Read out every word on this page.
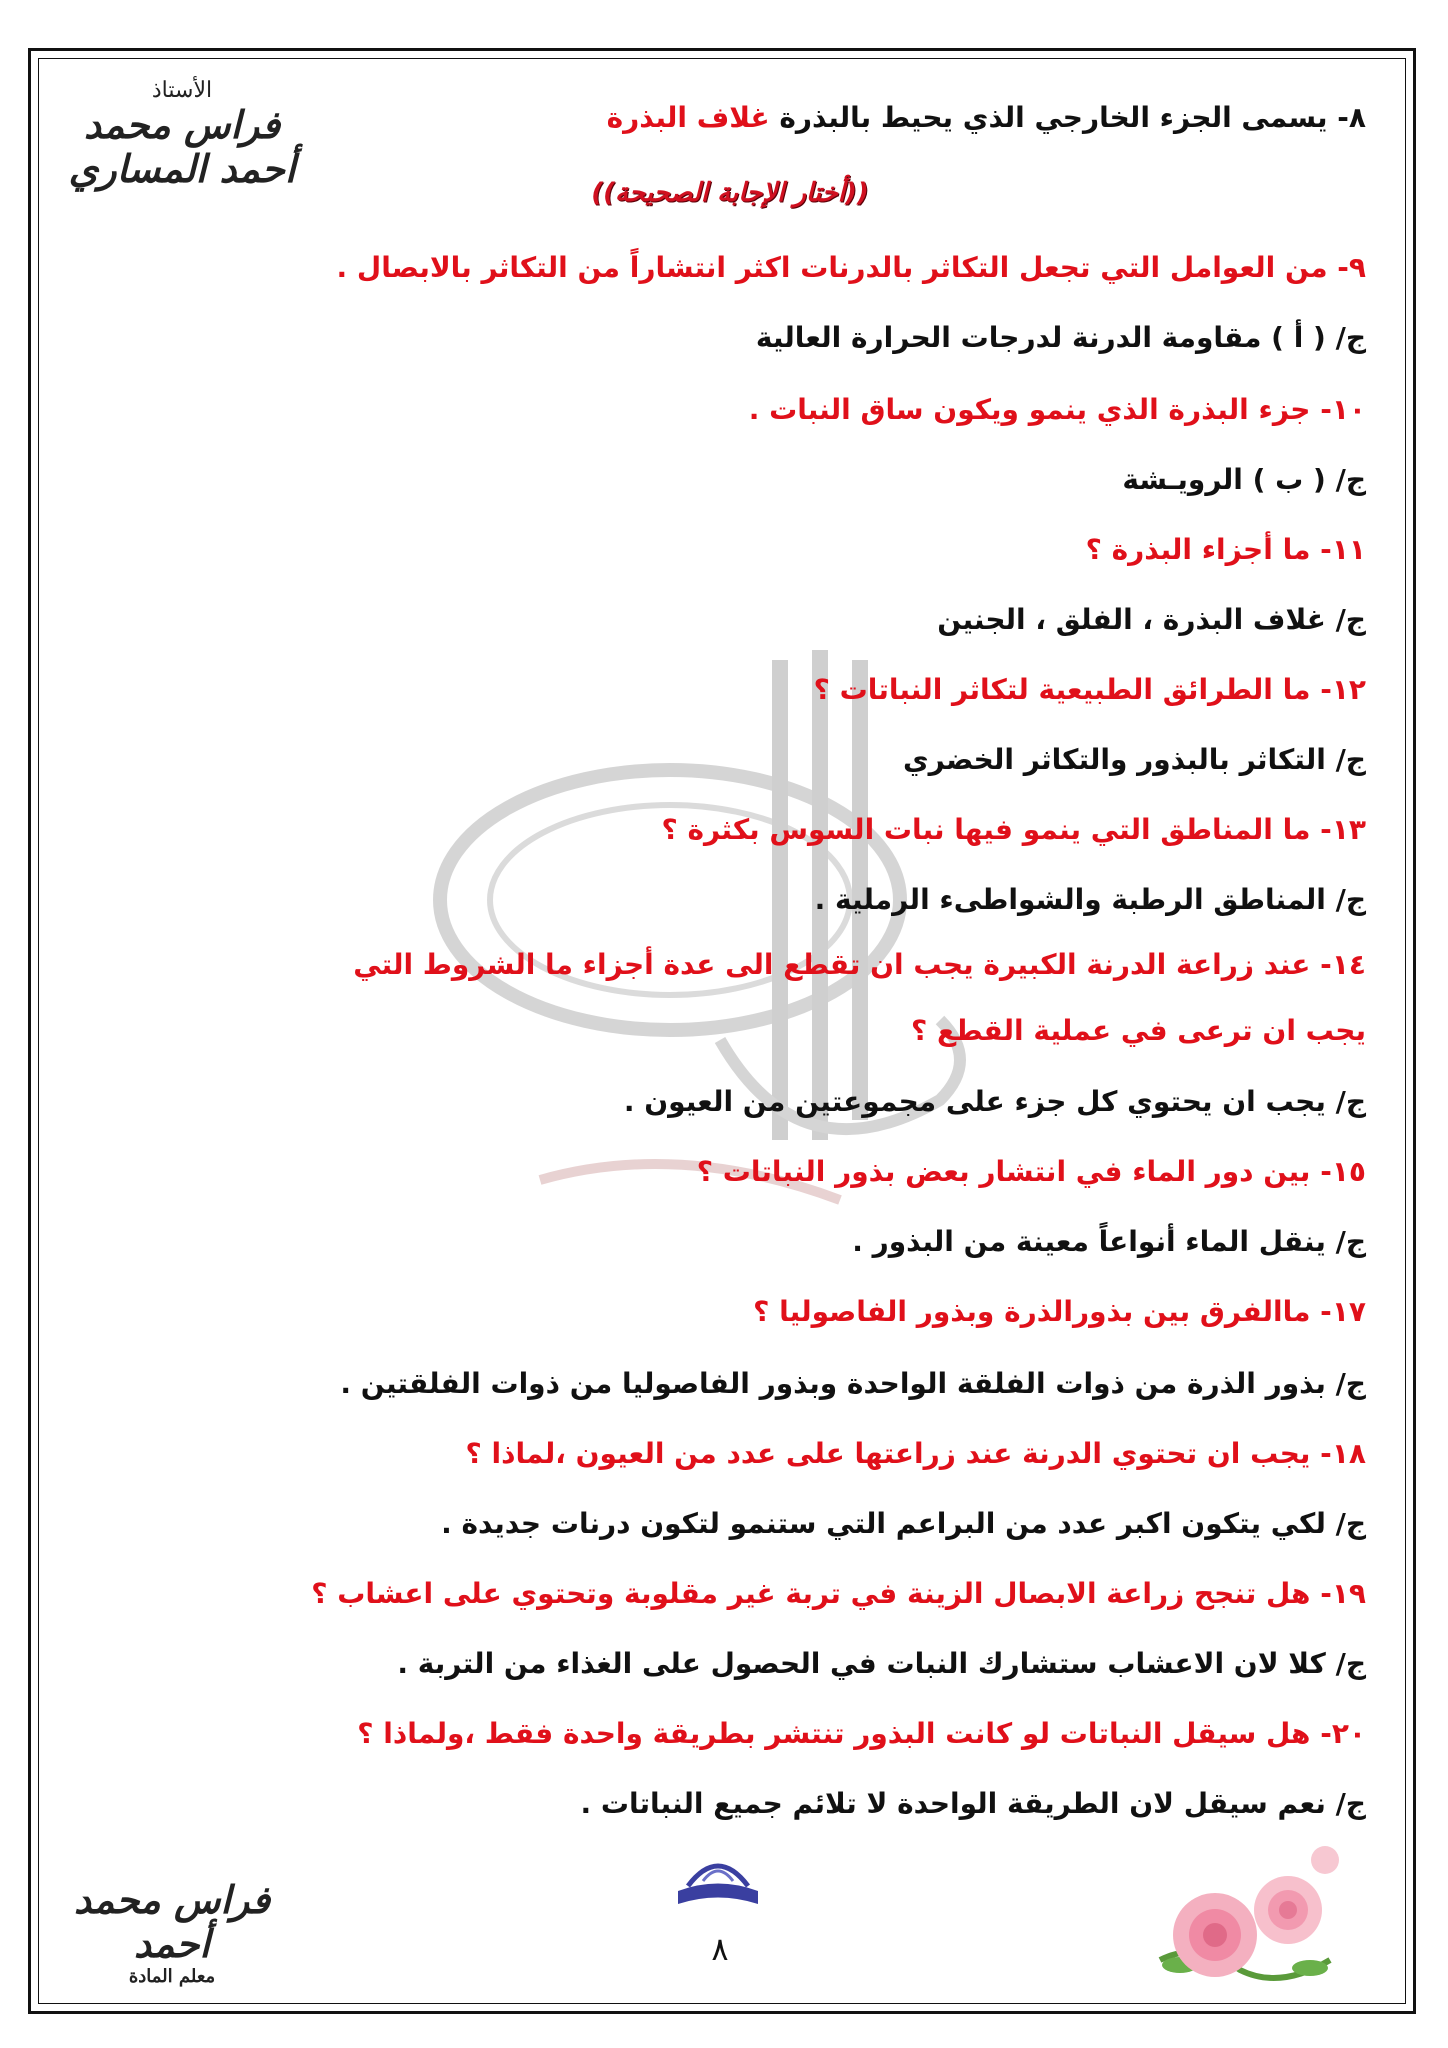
الأستاذ
فراس محمد أحمد المساري
((أختار الإجابة الصحيحة))
٨- يسمى الجزء الخارجي الذي يحيط بالبذرة غلاف البذرة
٩- من العوامل التي تجعل التكاثر بالدرنات اكثر انتشاراً من التكاثر بالابصال .
ج/ ( أ ) مقاومة الدرنة لدرجات الحرارة العالية
١٠- جزء البذرة الذي ينمو ويكون ساق النبات .
ج/ ( ب ) الرويـشة
١١- ما أجزاء البذرة ؟
ج/ غلاف البذرة ، الفلق ، الجنين
١٢- ما الطرائق الطبيعية لتكاثر النباتات ؟
ج/ التكاثر بالبذور والتكاثر الخضري
١٣- ما المناطق التي ينمو فيها نبات السوس بكثرة ؟
ج/ المناطق الرطبة والشواطىء الرملية .
١٤- عند زراعة الدرنة الكبيرة يجب ان تقطع الى عدة أجزاء ما الشروط التي يجب ان ترعى في عملية القطع ؟
ج/ يجب ان يحتوي كل جزء على مجموعتين من العيون .
١٥- بين دور الماء في انتشار بعض بذور النباتات ؟
ج/ ينقل الماء أنواعاً معينة من البذور .
١٧- ماالفرق بين بذورالذرة وبذور الفاصوليا ؟
ج/ بذور الذرة من ذوات الفلقة الواحدة وبذور الفاصوليا من ذوات الفلقتين .
١٨- يجب ان تحتوي الدرنة عند زراعتها على عدد من العيون ،لماذا ؟
ج/ لكي يتكون اكبر عدد من البراعم التي ستنمو لتكون درنات جديدة .
١٩- هل تنجح زراعة الابصال الزينة في تربة غير مقلوبة وتحتوي على اعشاب ؟
ج/ كلا لان الاعشاب ستشارك النبات في الحصول على الغذاء من التربة .
٢٠- هل سيقل النباتات لو كانت البذور تنتشر بطريقة واحدة فقط ،ولماذا ؟
ج/ نعم سيقل لان الطريقة الواحدة لا تلائم جميع النباتات .
فراس محمد أحمد
معلم المادة
٨
